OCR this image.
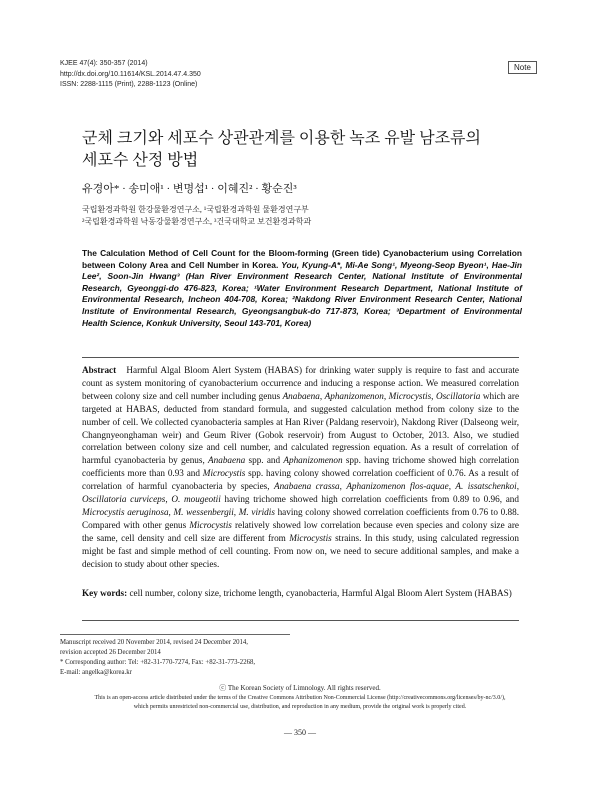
KJEE 47(4): 350-357 (2014)
http://dx.doi.org/10.11614/KSL.2014.47.4.350
ISSN: 2288-1115 (Print), 2288-1123 (Online)
Note
군체 크기와 세포수 상관관계를 이용한 녹조 유발 남조류의
세포수 산정 방법
유경아* · 송미애¹ · 변명섭¹ · 이혜진² · 황순진³
국립환경과학원 한강물환경연구소, ¹국립환경과학원 물환경연구부
²국립환경과학원 낙동강물환경연구소, ³건국대학교 보건환경과학과
The Calculation Method of Cell Count for the Bloom-forming (Green tide) Cyanobacterium using Correlation between Colony Area and Cell Number in Korea. You, Kyung-A*, Mi-Ae Song¹, Myeong-Seop Byeon¹, Hae-Jin Lee², Soon-Jin Hwang³ (Han River Environment Research Center, National Institute of Environmental Research, Gyeonggi-do 476-823, Korea; ¹Water Environment Research Department, National Institute of Environmental Research, Incheon 404-708, Korea; ²Nakdong River Environment Research Center, National Institute of Environmental Research, Gyeongsangbuk-do 717-873, Korea; ³Department of Environmental Health Science, Konkuk University, Seoul 143-701, Korea)
Abstract Harmful Algal Bloom Alert System (HABAS) for drinking water supply is require to fast and accurate count as system monitoring of cyanobacterium occurrence and inducing a response action. We measured correlation between colony size and cell number including genus Anabaena, Aphanizomenon, Microcystis, Oscillatoria which are targeted at HABAS, deducted from standard formula, and suggested calculation method from colony size to the number of cell. We collected cyanobacteria samples at Han River (Paldang reservoir), Nakdong River (Dalseong weir, Changnyeonghaman weir) and Geum River (Gobok reservoir) from August to October, 2013. Also, we studied correlation between colony size and cell number, and calculated regression equation. As a result of correlation of harmful cyanobacteria by genus, Anabaena spp. and Aphanizomenon spp. having trichome showed high correlation coefficients more than 0.93 and Microcystis spp. having colony showed correlation coefficient of 0.76. As a result of correlation of harmful cyanobacteria by species, Anabaena crassa, Aphanizomenon flos-aquae, A. issatschenkoi, Oscillatoria curviceps, O. mougeotii having trichome showed high correlation coefficients from 0.89 to 0.96, and Microcystis aeruginosa, M. wessenbergii, M. viridis having colony showed correlation coefficients from 0.76 to 0.88. Compared with other genus Microcystis relatively showed low correlation because even species and colony size are the same, cell density and cell size are different from Microcystis strains. In this study, using calculated regression might be fast and simple method of cell counting. From now on, we need to secure additional samples, and make a decision to study about other species.
Key words: cell number, colony size, trichome length, cyanobacteria, Harmful Algal Bloom Alert System (HABAS)
Manuscript received 20 November 2014, revised 24 December 2014,
revision accepted 26 December 2014
* Corresponding author: Tel: +82-31-770-7274, Fax: +82-31-773-2268,
E-mail: angelka@korea.kr
ⓒ The Korean Society of Limnology. All rights reserved.
This is an open-access article distributed under the terms of the Creative Commons Attribution Non-Commercial License (http://creativecommons.org/licenses/by-nc/3.0/),
which permits unrestricted non-commercial use, distribution, and reproduction in any medium, provide the original work is properly cited.
— 350 —
